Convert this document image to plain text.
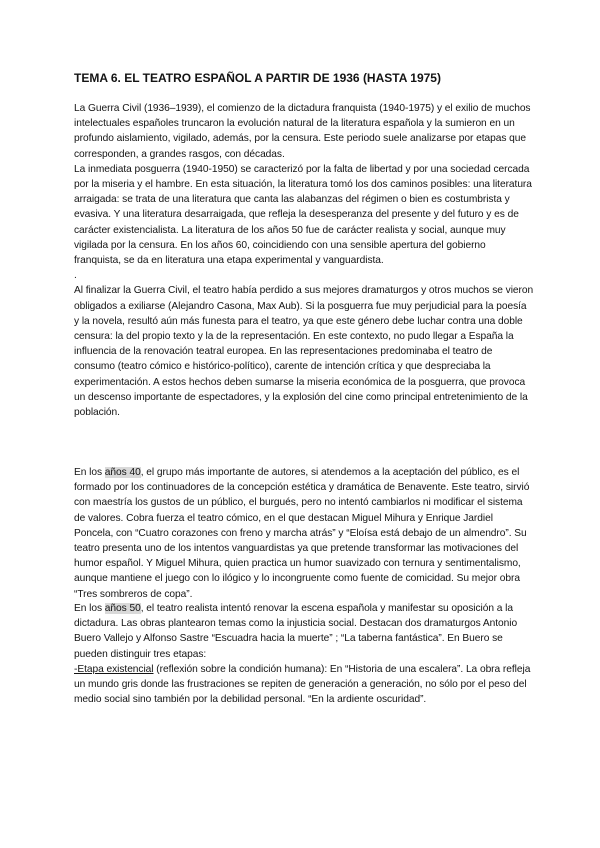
TEMA 6. EL TEATRO ESPAÑOL A PARTIR DE 1936 (HASTA 1975)

La Guerra Civil (1936–1939), el comienzo de la dictadura franquista (1940-1975) y el exilio de muchos intelectuales españoles truncaron la evolución natural de la literatura española y la sumieron en un profundo aislamiento, vigilado, además, por la censura. Este periodo suele analizarse por etapas que corresponden, a grandes rasgos, con décadas.

La inmediata posguerra (1940-1950) se caracterizó por la falta de libertad y por una sociedad cercada por la miseria y el hambre. En esta situación, la literatura tomó los dos caminos posibles: una literatura arraigada: se trata de una literatura que canta las alabanzas del régimen o bien es costumbrista y evasiva. Y una literatura desarraigada, que refleja la desesperanza del presente y del futuro y es de carácter existencialista. La literatura de los años 50 fue de carácter realista y social, aunque muy vigilada por la censura. En los años 60, coincidiendo con una sensible apertura del gobierno franquista, se da en literatura una etapa experimental y vanguardista.

.

Al finalizar la Guerra Civil, el teatro había perdido a sus mejores dramaturgos y otros muchos se vieron obligados a exiliarse (Alejandro Casona, Max Aub). Si la posguerra fue muy perjudicial para la poesía y la novela, resultó aún más funesta para el teatro, ya que este género debe luchar contra una doble censura: la del propio texto y la de la representación. En este contexto, no pudo llegar a España la influencia de la renovación teatral europea. En las representaciones predominaba el teatro de consumo (teatro cómico e histórico-político), carente de intención crítica y que despreciaba la experimentación. A estos hechos deben sumarse la miseria económica de la posguerra, que provoca un descenso importante de espectadores, y la explosión del cine como principal entretenimiento de la población.

En los años 40, el grupo más importante de autores, si atendemos a la aceptación del público, es el formado por los continuadores de la concepción estética y dramática de Benavente. Este teatro, sirvió con maestría los gustos de un público, el burgués, pero no intentó cambiarlos ni modificar el sistema de valores. Cobra fuerza el teatro cómico, en el que destacan Miguel Mihura y Enrique Jardiel Poncela, con “Cuatro corazones con freno y marcha atrás” y “Eloísa está debajo de un almendro”. Su teatro presenta uno de los intentos vanguardistas ya que pretende transformar las motivaciones del humor español. Y Miguel Mihura, quien practica un humor suavizado con ternura y sentimentalismo, aunque mantiene el juego con lo ilógico y lo incongruente como fuente de comicidad. Su mejor obra “Tres sombreros de copa”.

En los años 50, el teatro realista intentó renovar la escena española y manifestar su oposición a la dictadura. Las obras plantearon temas como la injusticia social. Destacan dos dramaturgos Antonio Buero Vallejo y Alfonso Sastre “Escuadra hacia la muerte” ; “La taberna fantástica”. En Buero se pueden distinguir tres etapas:

-Etapa existencial (reflexión sobre la condición humana): En “Historia de una escalera”. La obra refleja un mundo gris donde las frustraciones se repiten de generación a generación, no sólo por el peso del medio social sino también por la debilidad personal. “En la ardiente oscuridad”.
